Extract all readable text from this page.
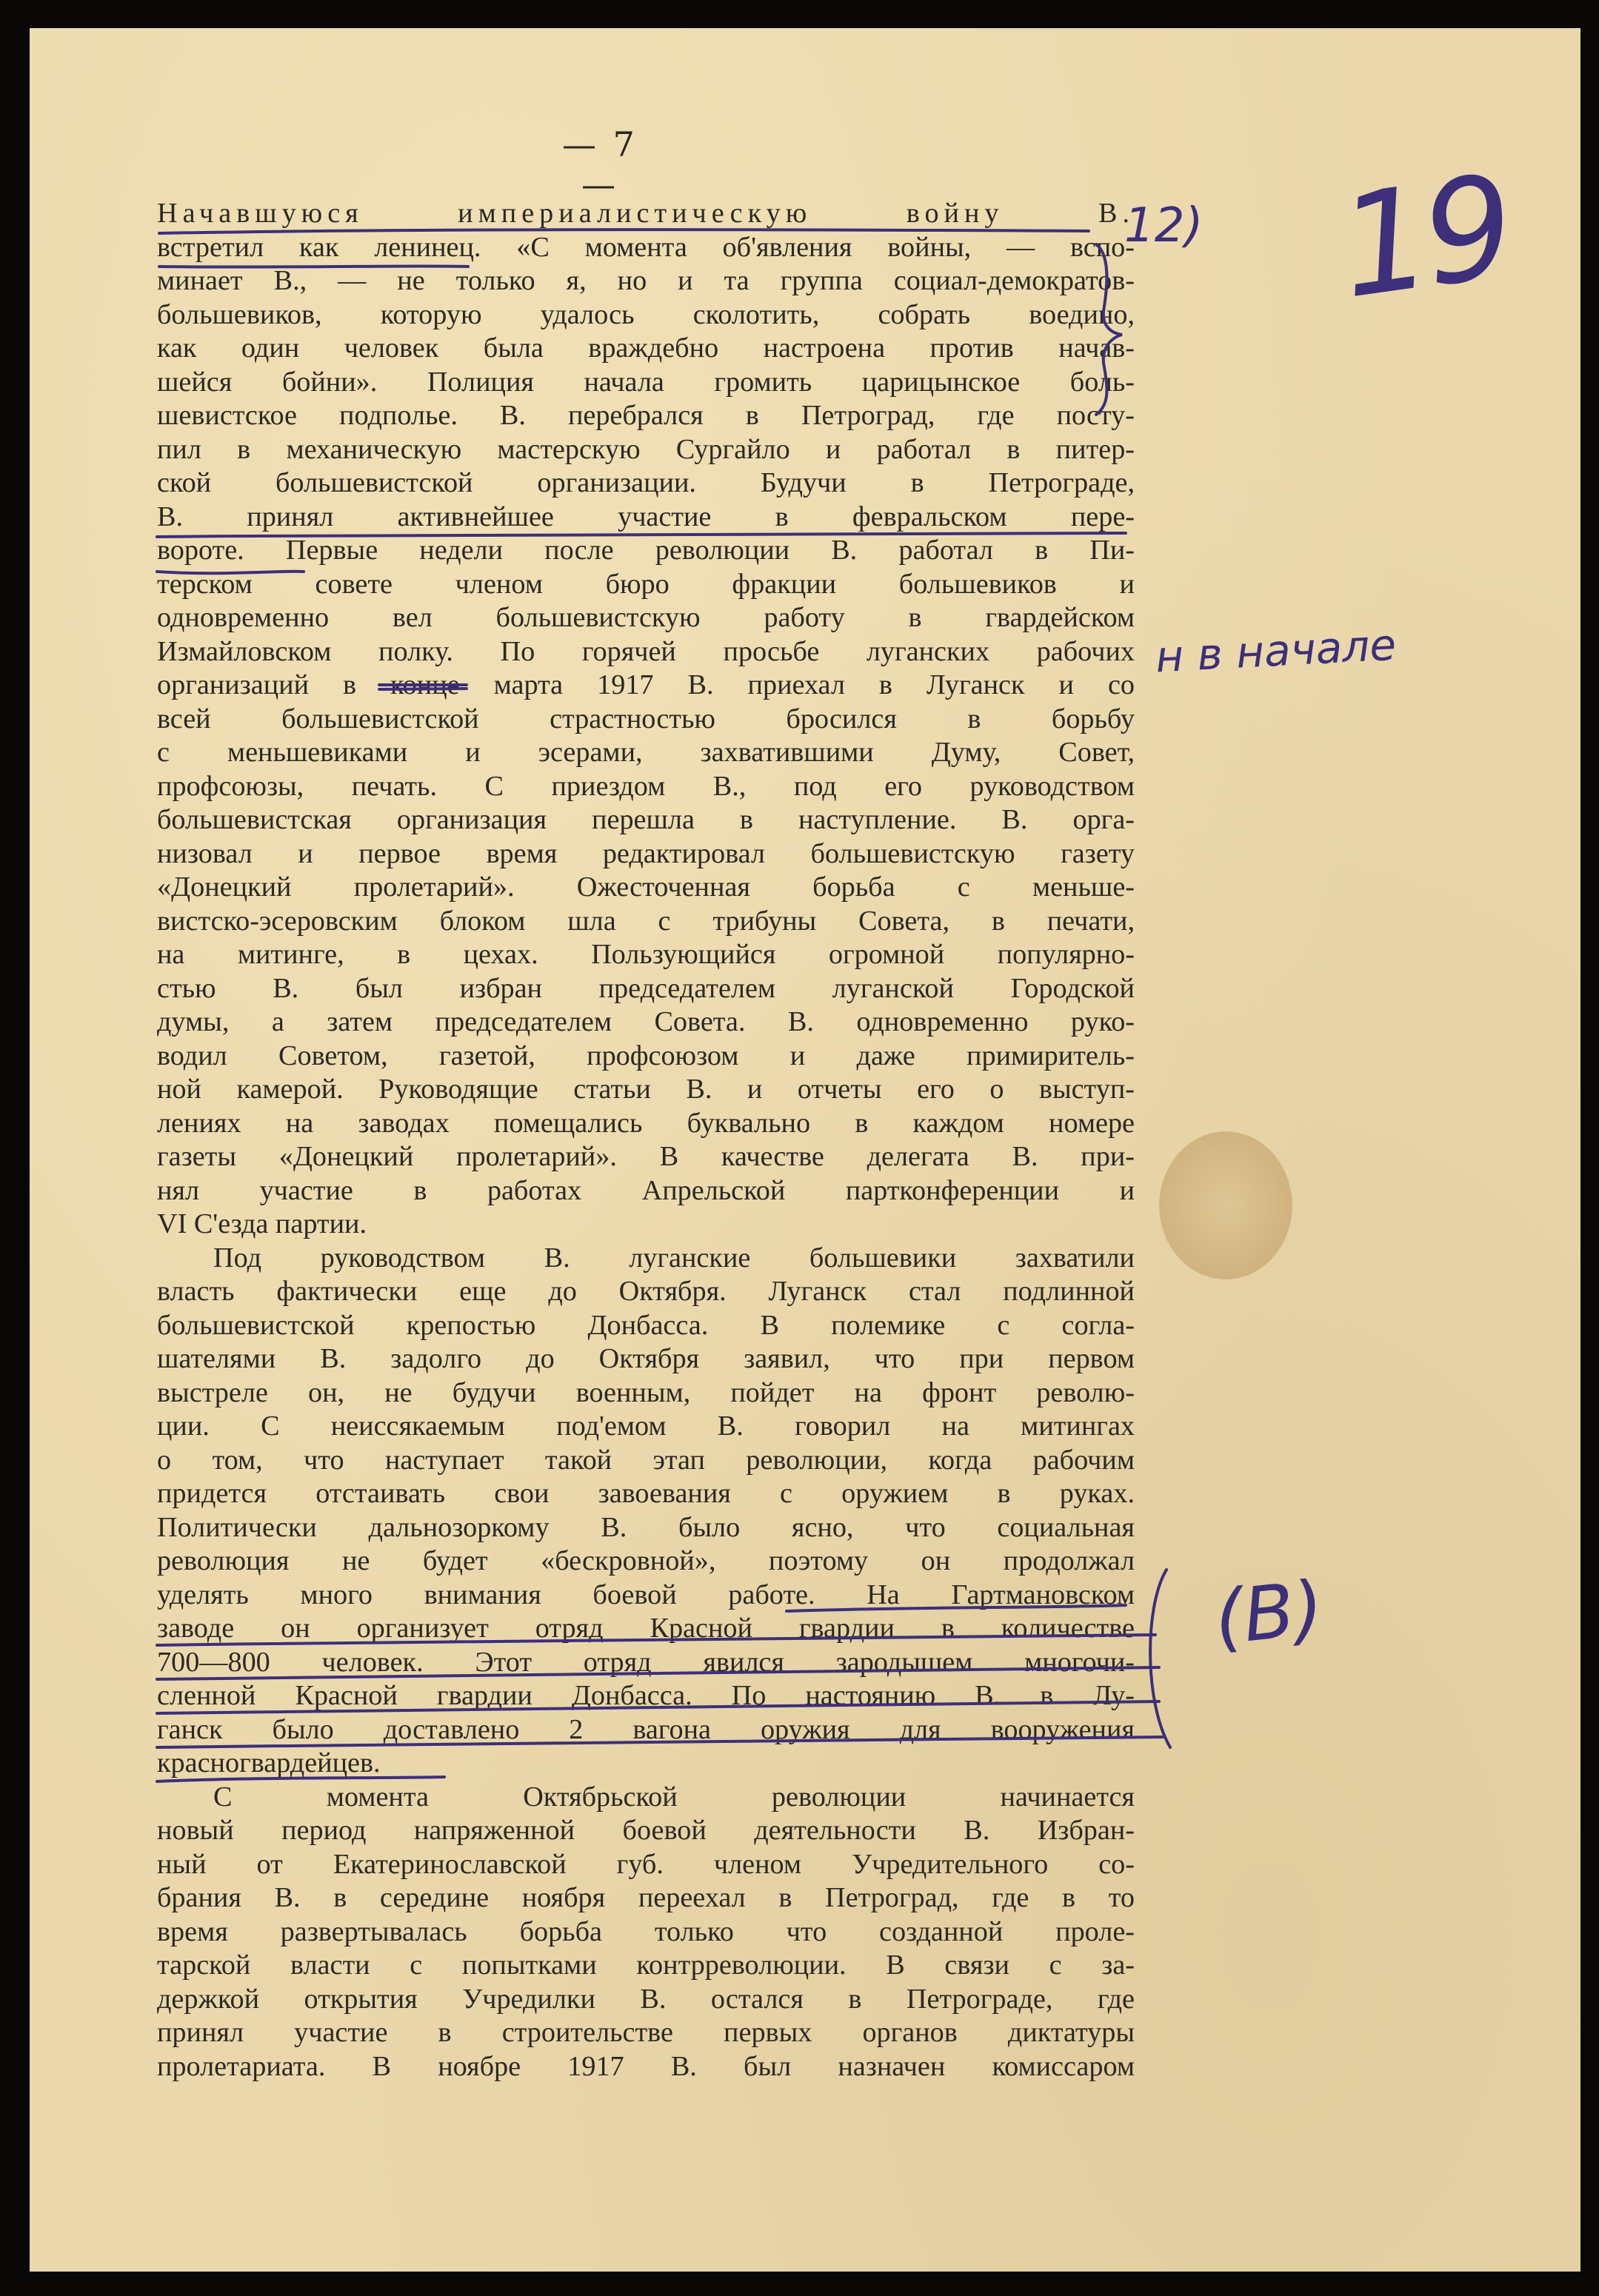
— 7 —
Начавшуюся империалистическую войну В.
встретил как ленинец. «С момента об'явления войны, — вспо-
минает В., — не только я, но и та группа социал-демократов-
большевиков, которую удалось сколотить, собрать воедино,
как один человек была враждебно настроена против начав-
шейся бойни». Полиция начала громить царицынское боль-
шевистское подполье. В. перебрался в Петроград, где посту-
пил в механическую мастерскую Сургайло и работал в питер-
ской большевистской организации. Будучи в Петрограде,
В. принял активнейшее участие в февральском пере-
вороте. Первые недели после революции В. работал в Пи-
терском совете членом бюро фракции большевиков и
одновременно вел большевистскую работу в гвардейском
Измайловском полку. По горячей просьбе луганских рабочих
организаций в конце марта 1917 В. приехал в Луганск и со
всей большевистской страстностью бросился в борьбу
с меньшевиками и эсерами, захватившими Думу, Совет,
профсоюзы, печать. С приездом В., под его руководством
большевистская организация перешла в наступление. В. орга-
низовал и первое время редактировал большевистскую газету
«Донецкий пролетарий». Ожесточенная борьба с меньше-
вистско-эсеровским блоком шла с трибуны Совета, в печати,
на митинге, в цехах. Пользующийся огромной популярно-
стью В. был избран председателем луганской Городской
думы, а затем председателем Совета. В. одновременно руко-
водил Советом, газетой, профсоюзом и даже примиритель-
ной камерой. Руководящие статьи В. и отчеты его о выступ-
лениях на заводах помещались буквально в каждом номере
газеты «Донецкий пролетарий». В качестве делегата В. при-
нял участие в работах Апрельской партконференции и
VI С'езда партии.
Под руководством В. луганские большевики захватили
власть фактически еще до Октября. Луганск стал подлинной
большевистской крепостью Донбасса. В полемике с согла-
шателями В. задолго до Октября заявил, что при первом
выстреле он, не будучи военным, пойдет на фронт револю-
ции. С неиссякаемым под'емом В. говорил на митингах
о том, что наступает такой этап революции, когда рабочим
придется отстаивать свои завоевания с оружием в руках.
Политически дальнозоркому В. было ясно, что социальная
революция не будет «бескровной», поэтому он продолжал
уделять много внимания боевой работе. На Гартмановском
заводе он организует отряд Красной гвардии в количестве
700—800 человек. Этот отряд явился зародышем многочи-
сленной Красной гвардии Донбасса. По настоянию В. в Лу-
ганск было доставлено 2 вагона оружия для вооружения
красногвардейцев.
С момента Октябрьской революции начинается
новый период напряженной боевой деятельности В. Избран-
ный от Екатеринославской губ. членом Учредительного со-
брания В. в середине ноября переехал в Петроград, где в то
время развертывалась борьба только что созданной проле-
тарской власти с попытками контрреволюции. В связи с за-
держкой открытия Учредилки В. остался в Петрограде, где
принял участие в строительстве первых органов диктатуры
пролетариата. В ноябре 1917 В. был назначен комиссаром
19
12)
н в начале
(В)
